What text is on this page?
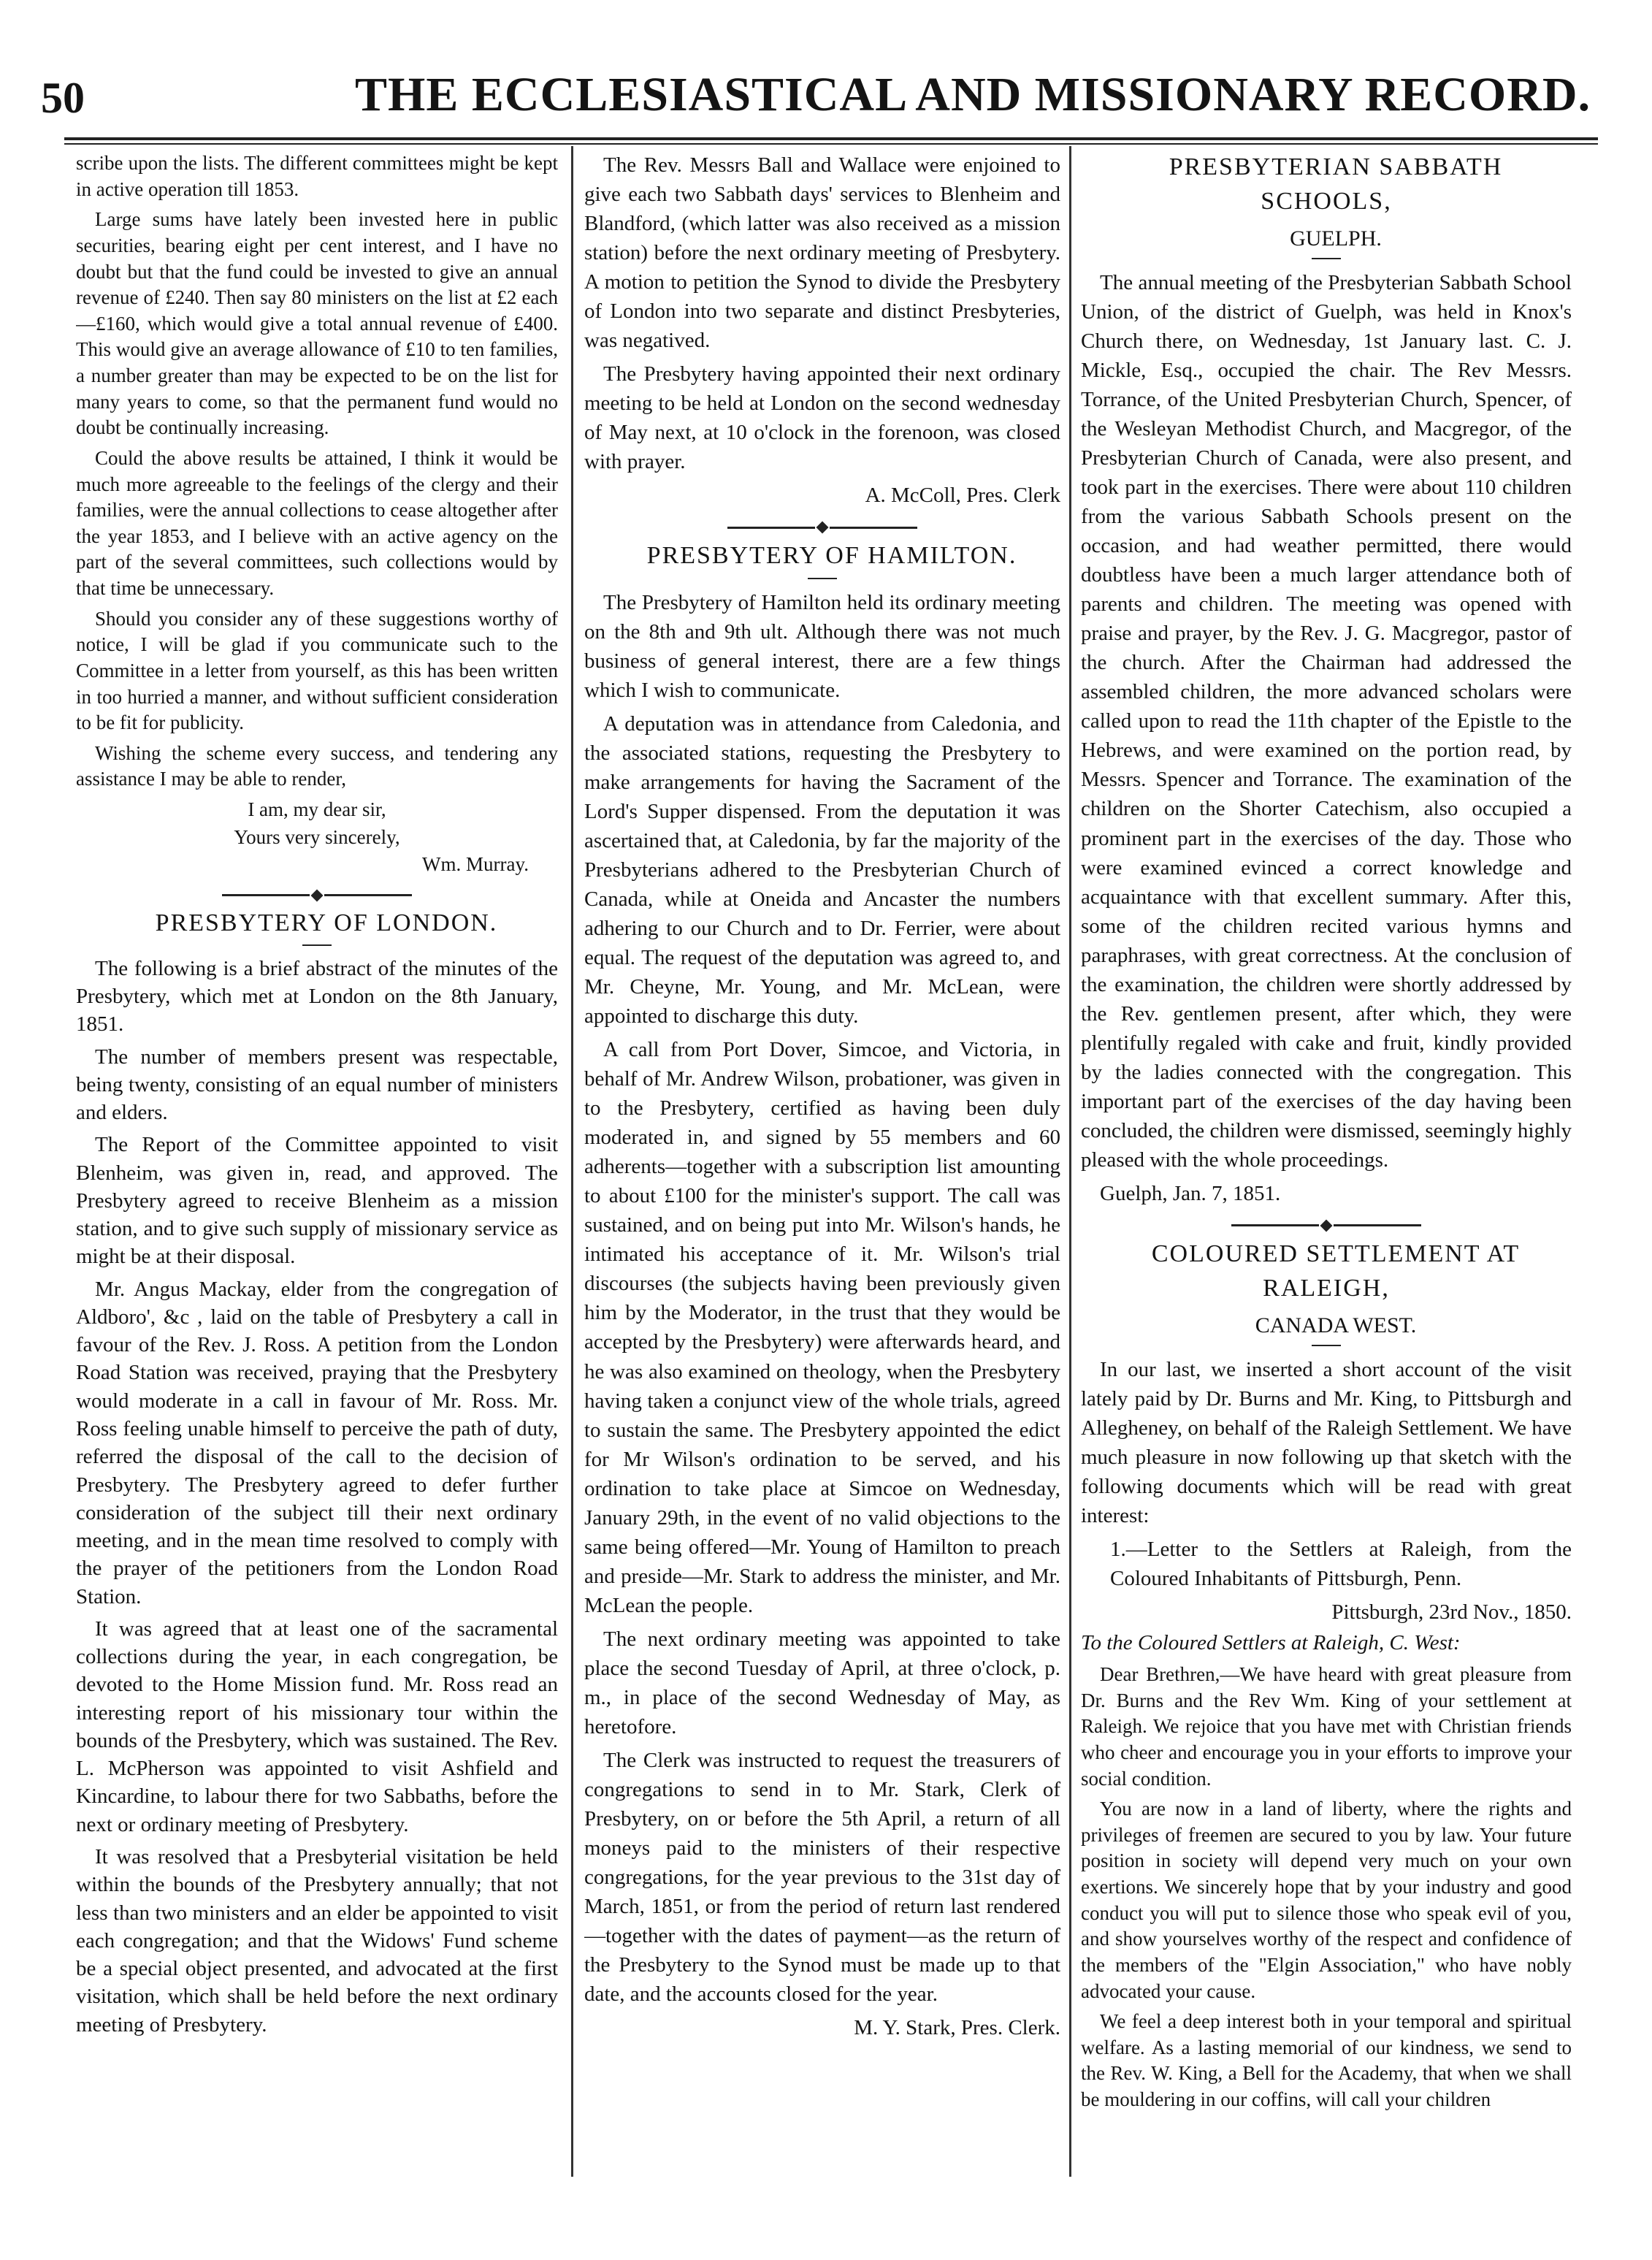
50	THE ECCLESIASTICAL AND MISSIONARY RECORD.

scribe upon the lists. The different committees might be kept in active operation till 1853.

Large sums have lately been invested here in public securities, bearing eight per cent interest, and I have no doubt but that the fund could be invested to give an annual revenue of £240. Then say 80 ministers on the list at £2 each—£160, which would give a total annual revenue of £400. This would give an average allowance of £10 to ten families, a number greater than may be expected to be on the list for many years to come, so that the permanent fund would no doubt be continually increasing.

Could the above results be attained, I think it would be much more agreeable to the feelings of the clergy and their families, were the annual collections to cease altogether after the year 1853, and I believe with an active agency on the part of the several committees, such collections would by that time be unnecessary.

Should you consider any of these suggestions worthy of notice, I will be glad if you communicate such to the Committee in a letter from yourself, as this has been written in too hurried a manner, and without sufficient consideration to be fit for publicity.

Wishing the scheme every success, and tendering any assistance I may be able to render,

I am, my dear sir,

Yours very sincerely,

Wm. Murray.

PRESBYTERY OF LONDON.

The following is a brief abstract of the minutes of the Presbytery, which met at London on the 8th January, 1851.

The number of members present was respectable, being twenty, consisting of an equal number of ministers and elders.

The Report of the Committee appointed to visit Blenheim, was given in, read, and approved. The Presbytery agreed to receive Blenheim as a mission station, and to give such supply of missionary service as might be at their disposal.

Mr. Angus Mackay, elder from the congregation of Aldboro', &c , laid on the table of Presbytery a call in favour of the Rev. J. Ross. A petition from the London Road Station was received, praying that the Presbytery would moderate in a call in favour of Mr. Ross. Mr. Ross feeling unable himself to perceive the path of duty, referred the disposal of the call to the decision of Presbytery. The Presbytery agreed to defer further consideration of the subject till their next ordinary meeting, and in the mean time resolved to comply with the prayer of the petitioners from the London Road Station.

It was agreed that at least one of the sacramental collections during the year, in each congregation, be devoted to the Home Mission fund. Mr. Ross read an interesting report of his missionary tour within the bounds of the Presbytery, which was sustained. The Rev. L. McPherson was appointed to visit Ashfield and Kincardine, to labour there for two Sabbaths, before the next or ordinary meeting of Presbytery.

It was resolved that a Presbyterial visitation be held within the bounds of the Presbytery annually; that not less than two ministers and an elder be appointed to visit each congregation; and that the Widows' Fund scheme be a special object presented, and advocated at the first visitation, which shall be held before the next ordinary meeting of Presbytery.

The Rev. Messrs Ball and Wallace were enjoined to give each two Sabbath days' services to Blenheim and Blandford, (which latter was also received as a mission station) before the next ordinary meeting of Presbytery. A motion to petition the Synod to divide the Presbytery of London into two separate and distinct Presbyteries, was negatived.

The Presbytery having appointed their next ordinary meeting to be held at London on the second wednesday of May next, at 10 o'clock in the forenoon, was closed with prayer.

A. McColl, Pres. Clerk

PRESBYTERY OF HAMILTON.

The Presbytery of Hamilton held its ordinary meeting on the 8th and 9th ult. Although there was not much business of general interest, there are a few things which I wish to communicate.

A deputation was in attendance from Caledonia, and the associated stations, requesting the Presbytery to make arrangements for having the Sacrament of the Lord's Supper dispensed. From the deputation it was ascertained that, at Caledonia, by far the majority of the Presbyterians adhered to the Presbyterian Church of Canada, while at Oneida and Ancaster the numbers adhering to our Church and to Dr. Ferrier, were about equal. The request of the deputation was agreed to, and Mr. Cheyne, Mr. Young, and Mr. McLean, were appointed to discharge this duty.

A call from Port Dover, Simcoe, and Victoria, in behalf of Mr. Andrew Wilson, probationer, was given in to the Presbytery, certified as having been duly moderated in, and signed by 55 members and 60 adherents—together with a subscription list amounting to about £100 for the minister's support. The call was sustained, and on being put into Mr. Wilson's hands, he intimated his acceptance of it. Mr. Wilson's trial discourses (the subjects having been previously given him by the Moderator, in the trust that they would be accepted by the Presbytery) were afterwards heard, and he was also examined on theology, when the Presbytery having taken a conjunct view of the whole trials, agreed to sustain the same. The Presbytery appointed the edict for Mr Wilson's ordination to be served, and his ordination to take place at Simcoe on Wednesday, January 29th, in the event of no valid objections to the same being offered—Mr. Young of Hamilton to preach and preside—Mr. Stark to address the minister, and Mr. McLean the people.

The next ordinary meeting was appointed to take place the second Tuesday of April, at three o'clock, p. m., in place of the second Wednesday of May, as heretofore.

The Clerk was instructed to request the treasurers of congregations to send in to Mr. Stark, Clerk of Presbytery, on or before the 5th April, a return of all moneys paid to the ministers of their respective congregations, for the year previous to the 31st day of March, 1851, or from the period of return last rendered—together with the dates of payment—as the return of the Presbytery to the Synod must be made up to that date, and the accounts closed for the year.

M. Y. Stark, Pres. Clerk.

PRESBYTERIAN SABBATH SCHOOLS,

GUELPH.

The annual meeting of the Presbyterian Sabbath School Union, of the district of Guelph, was held in Knox's Church there, on Wednesday, 1st January last. C. J. Mickle, Esq., occupied the chair. The Rev Messrs. Torrance, of the United Presbyterian Church, Spencer, of the Wesleyan Methodist Church, and Macgregor, of the Presbyterian Church of Canada, were also present, and took part in the exercises. There were about 110 children from the various Sabbath Schools present on the occasion, and had weather permitted, there would doubtless have been a much larger attendance both of parents and children. The meeting was opened with praise and prayer, by the Rev. J. G. Macgregor, pastor of the church. After the Chairman had addressed the assembled children, the more advanced scholars were called upon to read the 11th chapter of the Epistle to the Hebrews, and were examined on the portion read, by Messrs. Spencer and Torrance. The examination of the children on the Shorter Catechism, also occupied a prominent part in the exercises of the day. Those who were examined evinced a correct knowledge and acquaintance with that excellent summary. After this, some of the children recited various hymns and paraphrases, with great correctness. At the conclusion of the examination, the children were shortly addressed by the Rev. gentlemen present, after which, they were plentifully regaled with cake and fruit, kindly provided by the ladies connected with the congregation. This important part of the exercises of the day having been concluded, the children were dismissed, seemingly highly pleased with the whole proceedings.

Guelph, Jan. 7, 1851.

COLOURED SETTLEMENT AT RALEIGH,

CANADA WEST.

In our last, we inserted a short account of the visit lately paid by Dr. Burns and Mr. King, to Pittsburgh and Allegheney, on behalf of the Raleigh Settlement. We have much pleasure in now following up that sketch with the following documents which will be read with great interest:

1.—Letter to the Settlers at Raleigh, from the Coloured Inhabitants of Pittsburgh, Penn.

Pittsburgh, 23rd Nov., 1850.

To the Coloured Settlers at Raleigh, C. West:

Dear Brethren,—We have heard with great pleasure from Dr. Burns and the Rev Wm. King of your settlement at Raleigh. We rejoice that you have met with Christian friends who cheer and encourage you in your efforts to improve your social condition.

You are now in a land of liberty, where the rights and privileges of freemen are secured to you by law. Your future position in society will depend very much on your own exertions. We sincerely hope that by your industry and good conduct you will put to silence those who speak evil of you, and show yourselves worthy of the respect and confidence of the members of the "Elgin Association," who have nobly advocated your cause.

We feel a deep interest both in your temporal and spiritual welfare. As a lasting memorial of our kindness, we send to the Rev. W. King, a Bell for the Academy, that when we shall be mouldering in our coffins, will call your children
